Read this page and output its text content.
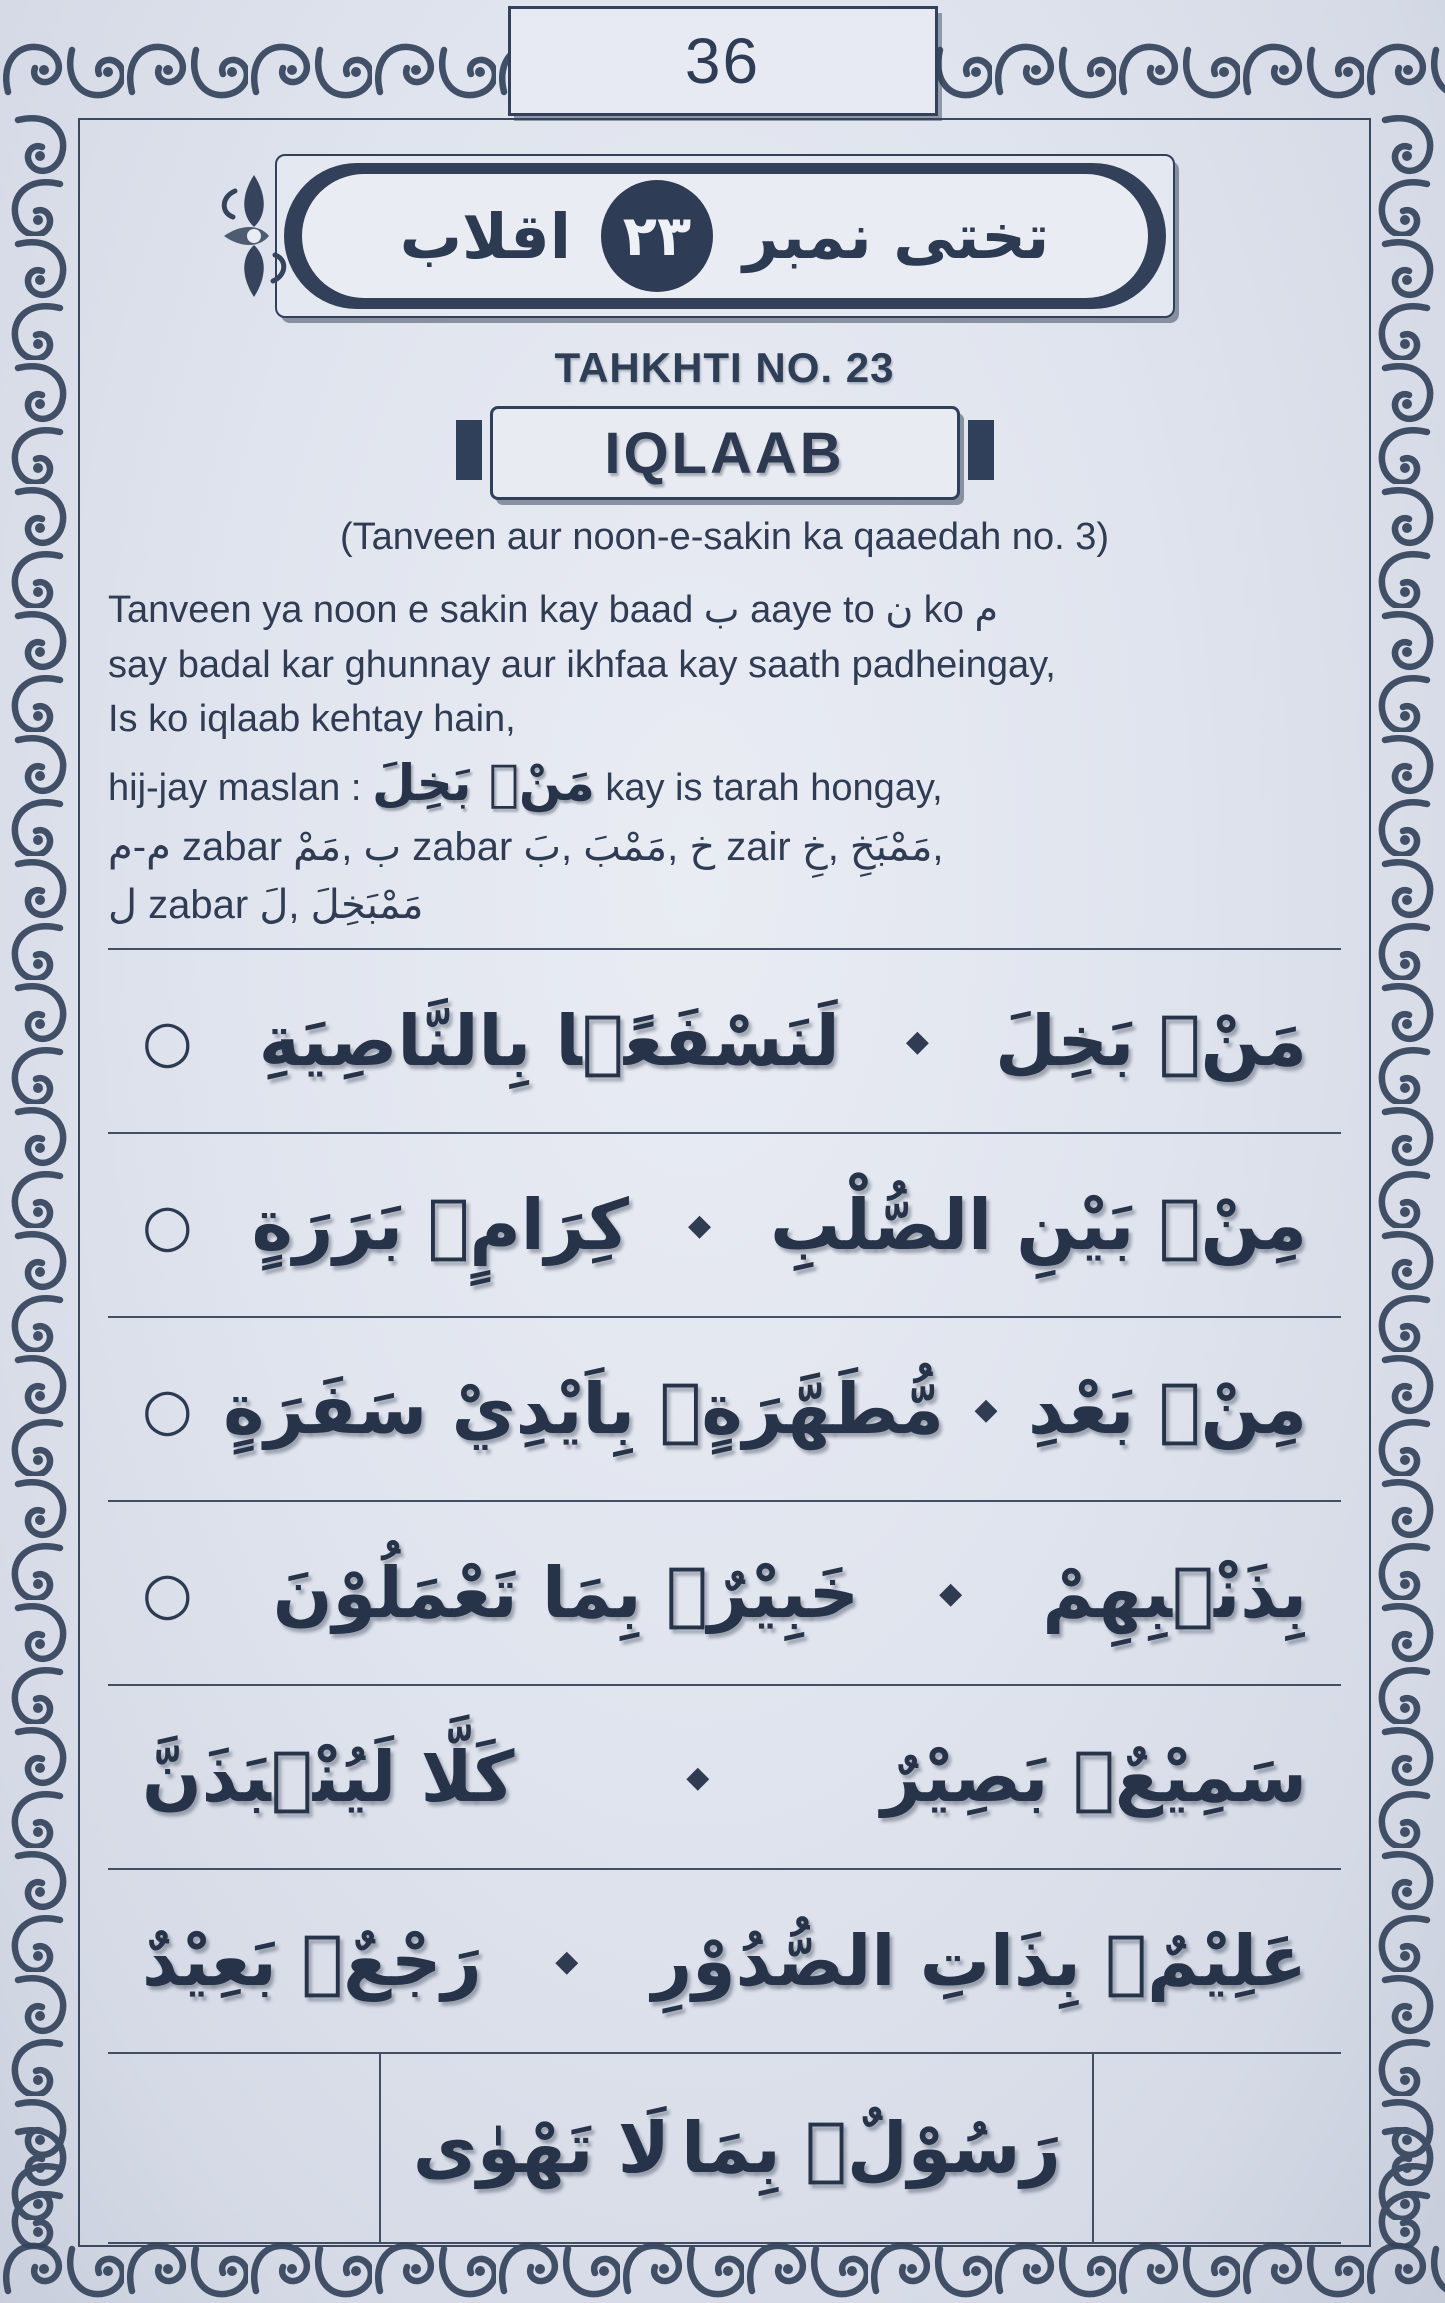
36
تختی نمبر
۲۳
اقلاب
TAHKHTI NO. 23
IQLAAB
(Tanveen aur noon-e-sakin ka qaaedah no. 3)
Tanveen ya noon e sakin kay baad ب aaye to ن ko م
say badal kar ghunnay aur ikhfaa kay saath padheingay,
Is ko iqlaab kehtay hain,
hij-jay maslan : مَنْۢ بَخِلَ kay is tarah hongay,
م-م zabar مَمْ‎, ب zabar بَ‎, مَمْبَ‎, خ zair خِ‎, مَمْبَخِ‎,
ل zabar لَ‎, مَمْبَخِلَ
مَنْۢ بَخِلَ
◆
لَنَسْفَعًۢا بِالنَّاصِيَةِ
○
مِنْۢ بَيْنِ الصُّلْبِ
◆
كِرَامٍۢ بَرَرَةٍ
○
مِنْۢ بَعْدِ
◆
مُّطَهَّرَةٍۢ بِاَيْدِيْ سَفَرَةٍ
○
بِذَنْۢبِهِمْ
◆
خَبِيْرٌۢ بِمَا تَعْمَلُوْنَ
○
سَمِيْعٌۢ بَصِيْرٌ
◆
كَلَّا لَيُنْۢبَذَنَّ
عَلِيْمٌۢ بِذَاتِ الصُّدُوْرِ
◆
رَجْعٌۢ بَعِيْدٌ
رَسُوْلٌۢ بِمَا
لَا تَهْوٰى
